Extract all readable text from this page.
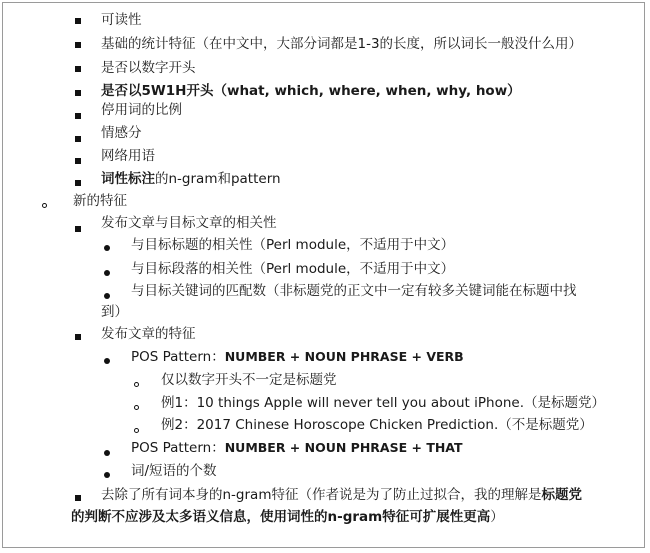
可读性
基础的统计特征（在中文中，大部分词都是1-3的长度，所以词长一般没什么用）
是否以数字开头
是否以5W1H开头（what, which, where, when, why, how）
停用词的比例
情感分
网络用语
词性标注的n-gram和pattern
新的特征
发布文章与目标文章的相关性
与目标标题的相关性（Perl module，不适用于中文）
与目标段落的相关性（Perl module，不适用于中文）
与目标关键词的匹配数（非标题党的正文中一定有较多关键词能在标题中找
到）
发布文章的特征
POS Pattern：NUMBER + NOUN PHRASE + VERB
仅以数字开头不一定是标题党
例1：10 things Apple will never tell you about iPhone.（是标题党）
例2：2017 Chinese Horoscope Chicken Prediction.（不是标题党）
POS Pattern：NUMBER + NOUN PHRASE + THAT
词/短语的个数
去除了所有词本身的n-gram特征（作者说是为了防止过拟合，我的理解是标题党
的判断不应涉及太多语义信息，使用词性的n-gram特征可扩展性更高）
